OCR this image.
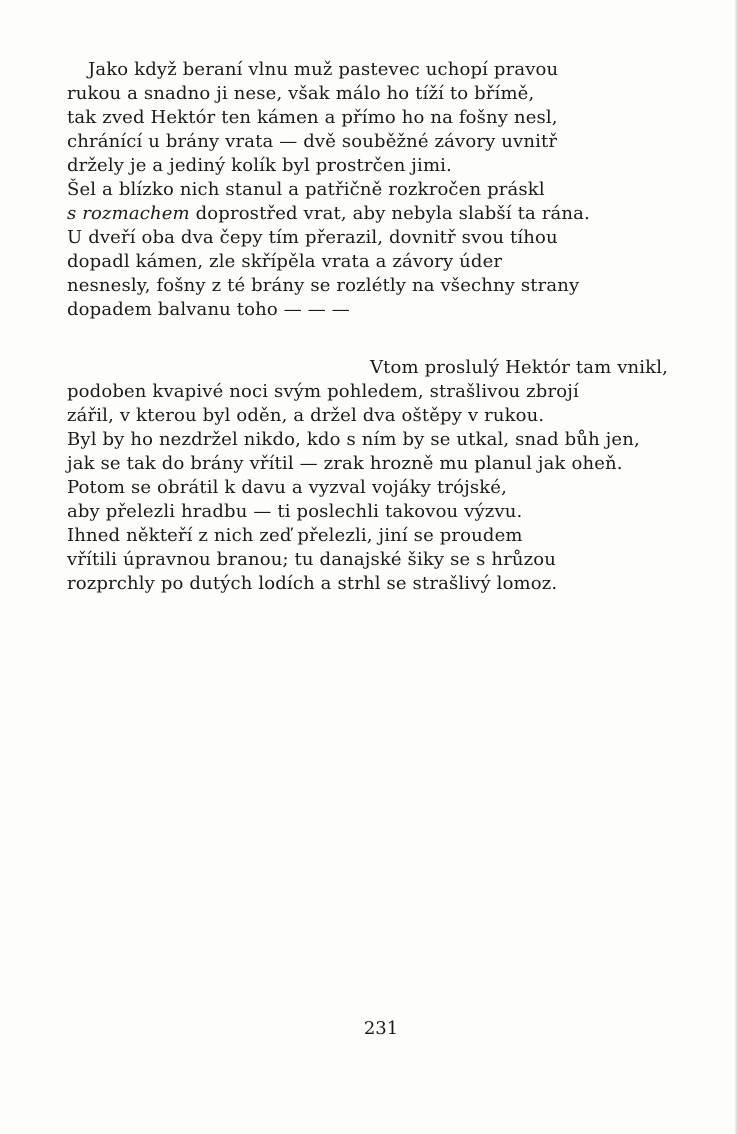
Jako když beraní vlnu muž pastevec uchopí pravou
rukou a snadno ji nese, však málo ho tíží to břímě,
tak zved Hektór ten kámen a přímo ho na fošny nesl,
chránící u brány vrata — dvě souběžné závory uvnitř
držely je a jediný kolík byl prostrčen jimi.
Šel a blízko nich stanul a patřičně rozkročen práskl
s rozmachem doprostřed vrat, aby nebyla slabší ta rána.
U dveří oba dva čepy tím přerazil, dovnitř svou tíhou
dopadl kámen, zle skřípěla vrata a závory úder
nesnesly, fošny z té brány se rozlétly na všechny strany
dopadem balvanu toho — — —
Vtom proslulý Hektór tam vnikl,
podoben kvapivé noci svým pohledem, strašlivou zbrojí
zářil, v kterou byl oděn, a držel dva oštěpy v rukou.
Byl by ho nezdržel nikdo, kdo s ním by se utkal, snad bůh jen,
jak se tak do brány vřítil — zrak hrozně mu planul jak oheň.
Potom se obrátil k davu a vyzval vojáky trójské,
aby přelezli hradbu — ti poslechli takovou výzvu.
Ihned někteří z nich zeď přelezli, jiní se proudem
vřítili úpravnou branou; tu danajské šiky se s hrůzou
rozprchly po dutých lodích a strhl se strašlivý lomoz.
231
